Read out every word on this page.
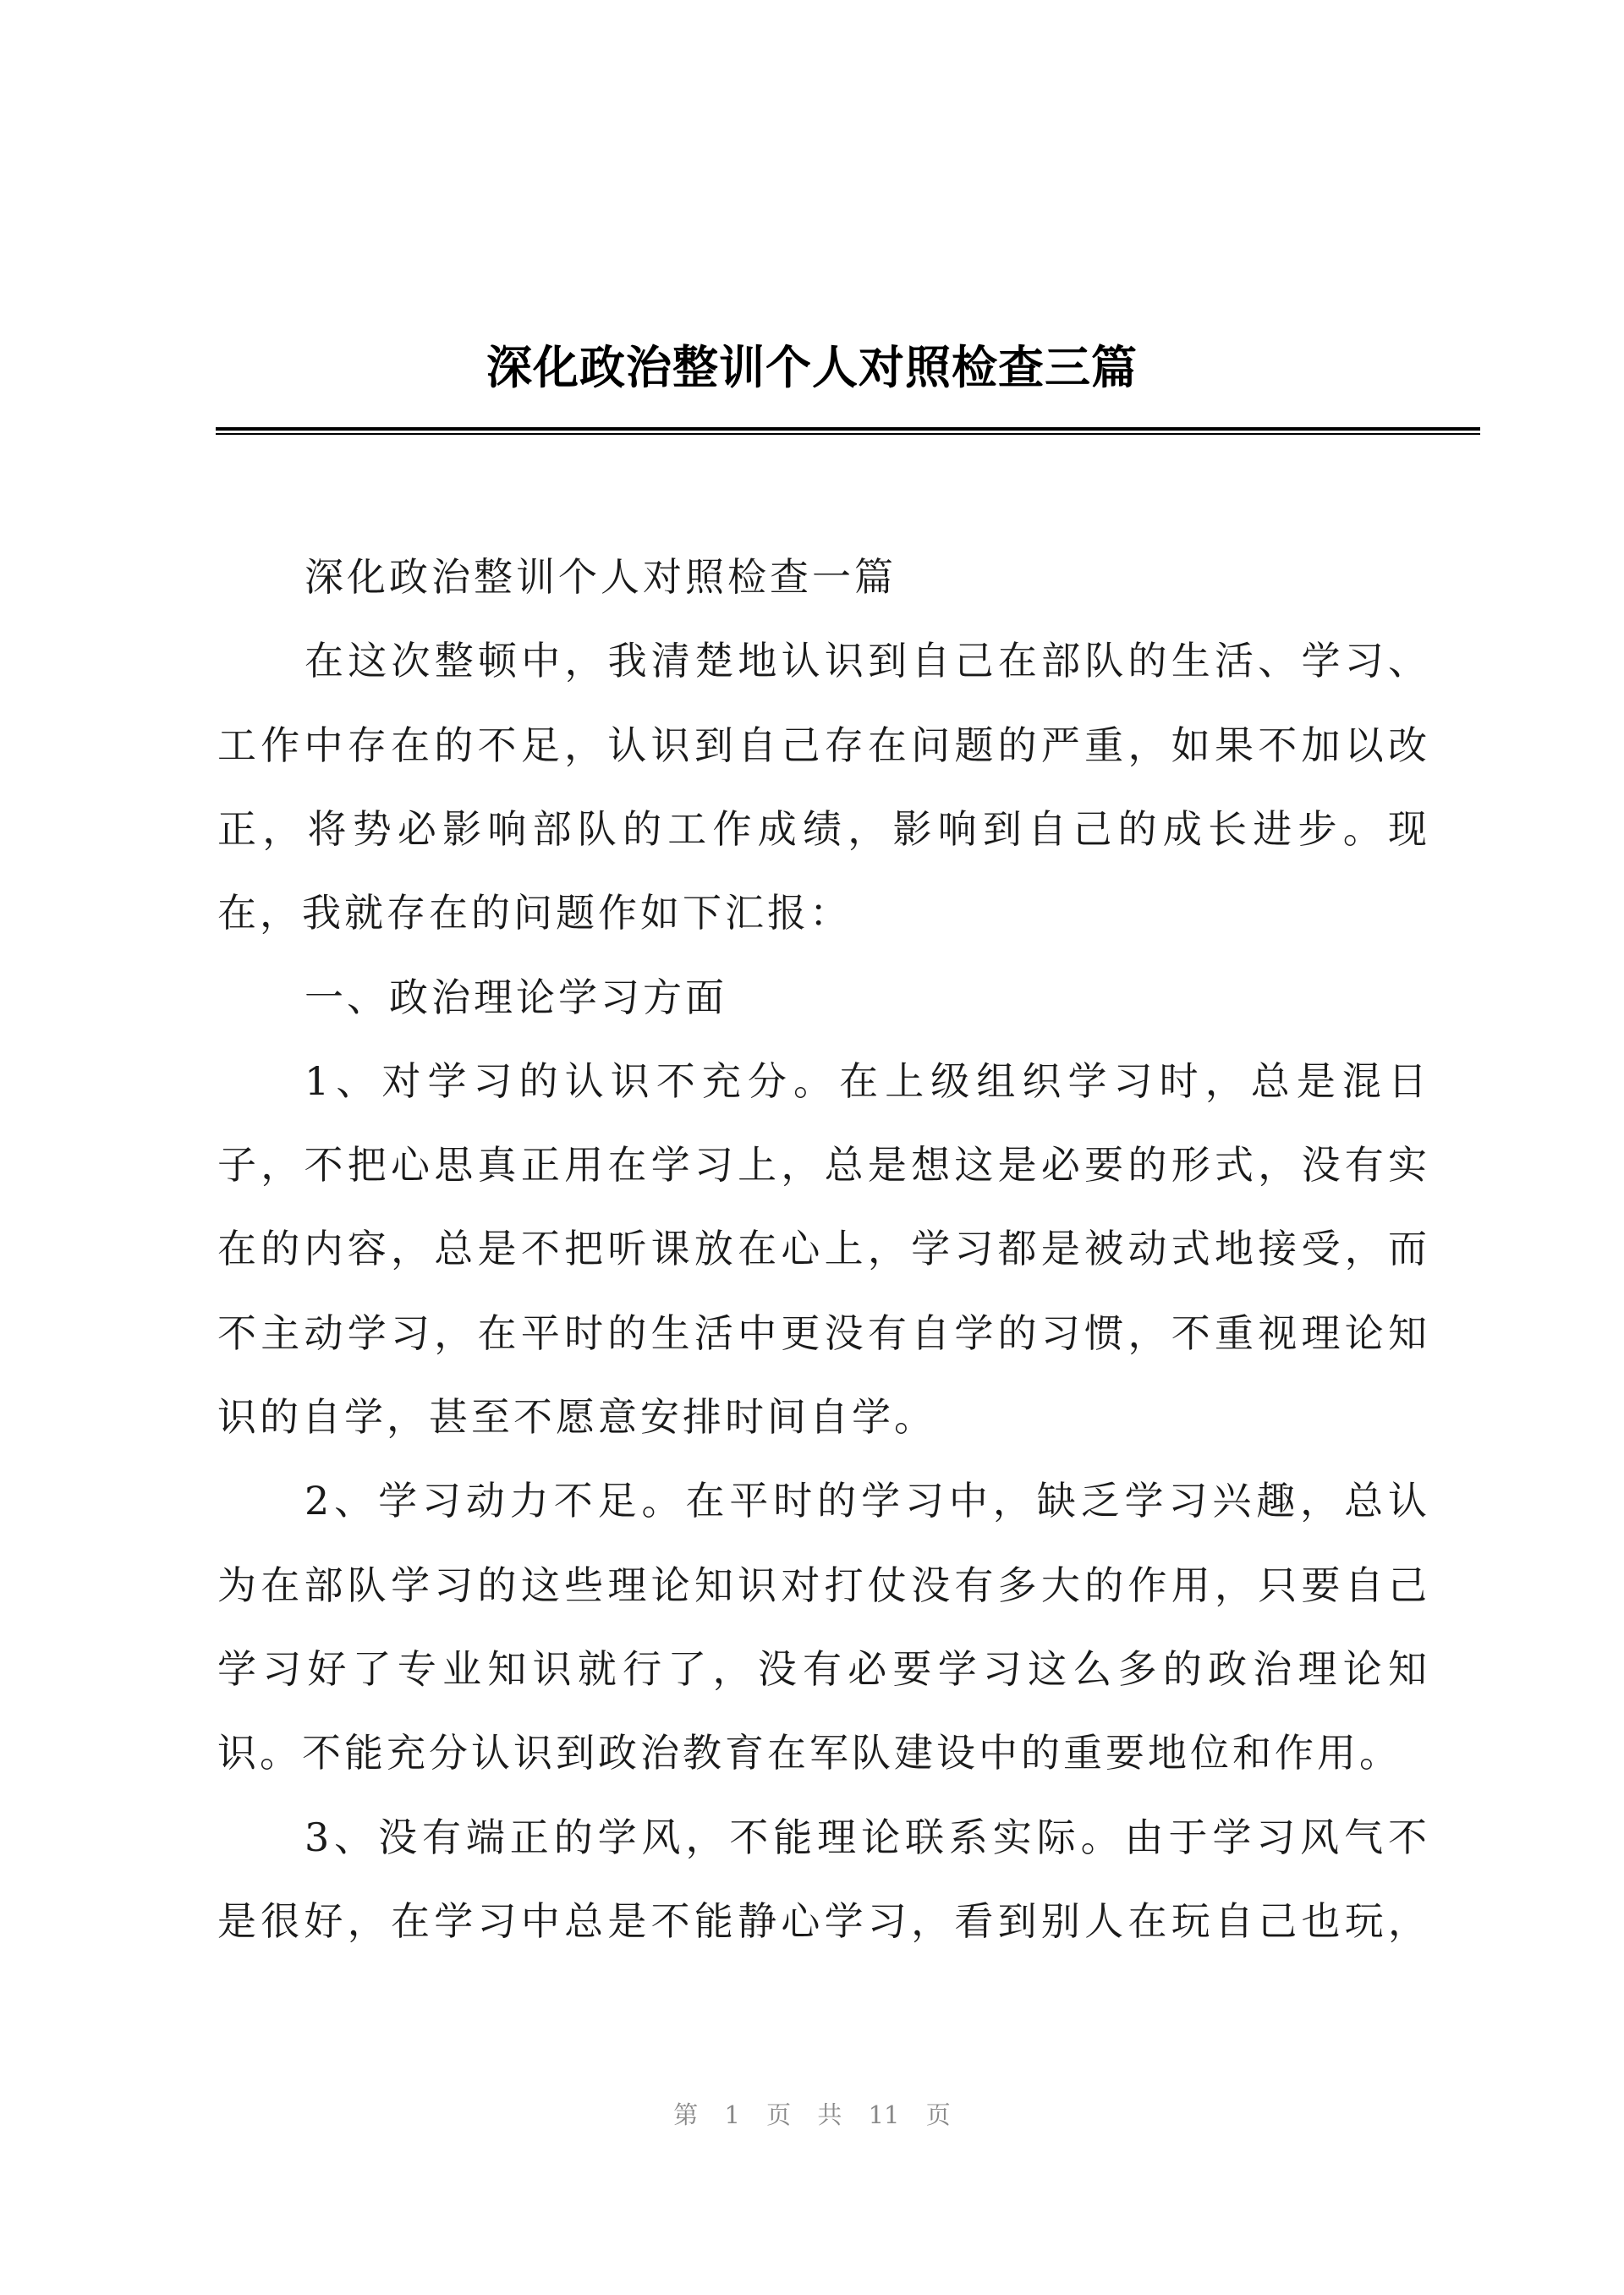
深化政治整训个人对照检查三篇
深化政治整训个人对照检查一篇
在这次整顿中，我清楚地认识到自己在部队的生活、学习、
工作中存在的不足，认识到自己存在问题的严重，如果不加以改
正，将势必影响部队的工作成绩，影响到自己的成长进步。现
在，我就存在的问题作如下汇报：
一、政治理论学习方面
1、对学习的认识不充分。在上级组织学习时，总是混日
子，不把心思真正用在学习上，总是想这是必要的形式，没有实
在的内容，总是不把听课放在心上，学习都是被动式地接受，而
不主动学习，在平时的生活中更没有自学的习惯，不重视理论知
识的自学，甚至不愿意安排时间自学。
2、学习动力不足。在平时的学习中，缺乏学习兴趣，总认
为在部队学习的这些理论知识对打仗没有多大的作用，只要自己
学习好了专业知识就行了，没有必要学习这么多的政治理论知
识。不能充分认识到政治教育在军队建设中的重要地位和作用。
3、没有端正的学风，不能理论联系实际。由于学习风气不
是很好，在学习中总是不能静心学习，看到别人在玩自己也玩，
第 1 页 共 11 页
